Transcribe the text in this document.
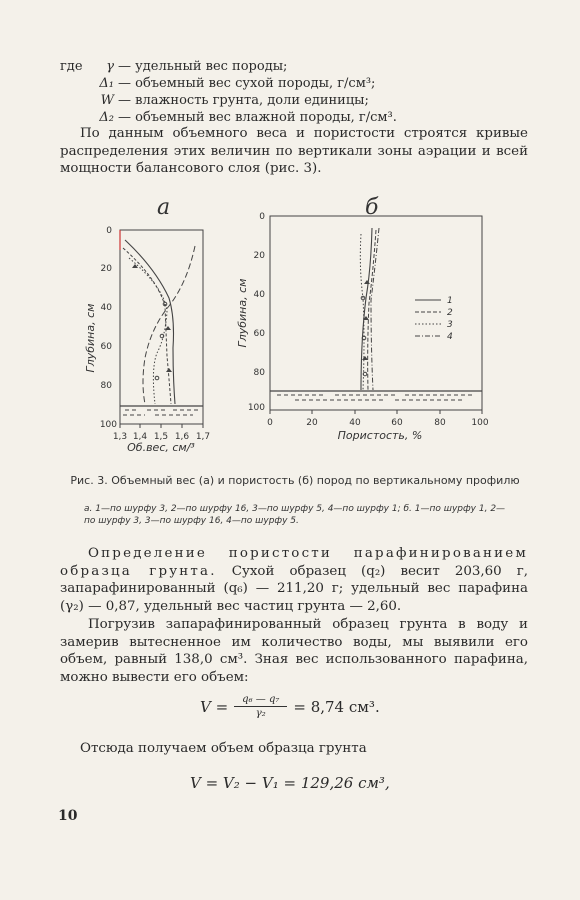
где	γ — удельный вес породы;
Δ₁ — объемный вес сухой породы, г/см³;
W — влажность грунта, доли единицы;
Δ₂ — объемный вес влажной породы, г/см³.

По данным объемного веса и пористости строятся кривые распределения этих величин по вертикали зоны аэрации и всей мощности балансового слоя (рис. 3).

а	б
0
20
40
60
80
100
1,3 1,4 1,5 1,6 1,7
Об.вес, см/³
Глубина, см
0
20
40
60
80
100
0	20	40	60	80	100
Пористость, %
Глубина, см	1
2
3
4
Рис. 3. Объемный вес (а) и пористость (б) пород по вертикальному профилю
а. 1—по шурфу 3, 2—по шурфу 16, 3—по шурфу 5, 4—по шурфу 1; б. 1—по шурфу 1, 2—по шурфу 3, 3—по шурфу 16, 4—по шурфу 5.

Определение пористости парафинированием образца грунта. Сухой образец (q₂) весит 203,60 г, запарафинированный (q₆) — 211,20 г; удельный вес парафина (γ₂) — 0,87, удельный вес частиц грунта — 2,60.

Погрузив запарафинированный образец грунта в воду и замерив вытесненное им количество воды, мы выявили его объем, равный 138,0 см³. Зная вес использованного парафина, можно вывести его объем:

$V = \frac{\text{q₆ — q₇}}{\text{γ₂}} = 8,74$ см³.

Отсюда получаем объем образца грунта

V = V₂ − V₁ = 129,26 см³,
10
